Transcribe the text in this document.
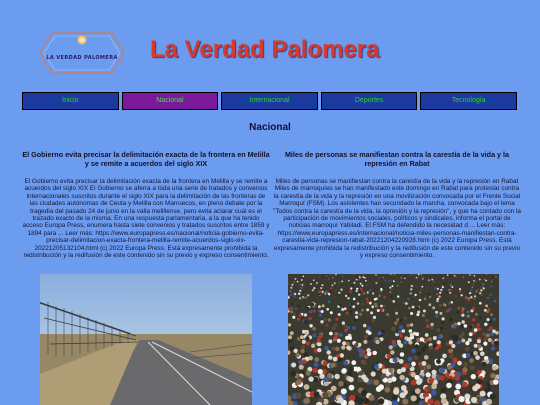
LA VERDAD PALOMERA	La Verdad Palomera
Inicio	Nacional	Internacional	Deportes	Tecnología
Nacional
El Gobierno evita precisar la delimitación exacta de la frontera en Melilla y se remite a acuerdos del siglo XIX

El Gobierno evita precisar la delimitación exacta de la frontera en Melilla y se remite a acuerdos del siglo XIX El Gobierno se aferra a toda una serie de tratados y convenios internacionales suscritos durante el siglo XIX para la delimitación de las fronteras de las ciudades autónomas de Ceuta y Melilla con Marruecos, en pleno debate por la tragedia del pasado 24 de junio en la valla melillense, pero evita aclarar cuál es el trazado exacto de la misma. En una respuesta parlamentaria, a la que ha tenido acceso Europa Press, enumera hasta siete convenios y tratados suscritos entre 1859 y 1894 para ... Leer más: https://www.europapress.es/nacional/noticia-gobierno-evita-precisar-delimitacion-exacta-frontera-melilla-remite-acuerdos-siglo-xix-20221205132104.html (c) 2022 Europa Press. Está expresamente prohibida la redistribución y la redifusión de este contenido sin su previo y expreso consentimiento.

Miles de personas se manifiestan contra la carestía de la vida y la represión en Rabat

Miles de personas se manifiestan contra la carestía de la vida y la represión en Rabat Miles de marroquíes se han manifestado este domingo en Rabat para protestar contra la carestía de la vida y la represión en una movilización convocada por el Frente Social Marroquí (FSM). Los asistentes han secundado la marcha, convocada bajo el lema "Todos contra la carestía de la vida, la opresión y la represión", y que ha contado con la participación de movimientos sociales, políticos y sindicales, informa el portal de noticias marroquí Yabiladi. El FSM ha defendido la necesidad d ... Leer más: https://www.europapress.es/internacional/noticia-miles-personas-manifiestan-contra-carestia-vida-represion-rabat-20221204220928.html (c) 2022 Europa Press. Está expresamente prohibida la redistribución y la redifusión de este contenido sin su previo y expreso consentimiento.
